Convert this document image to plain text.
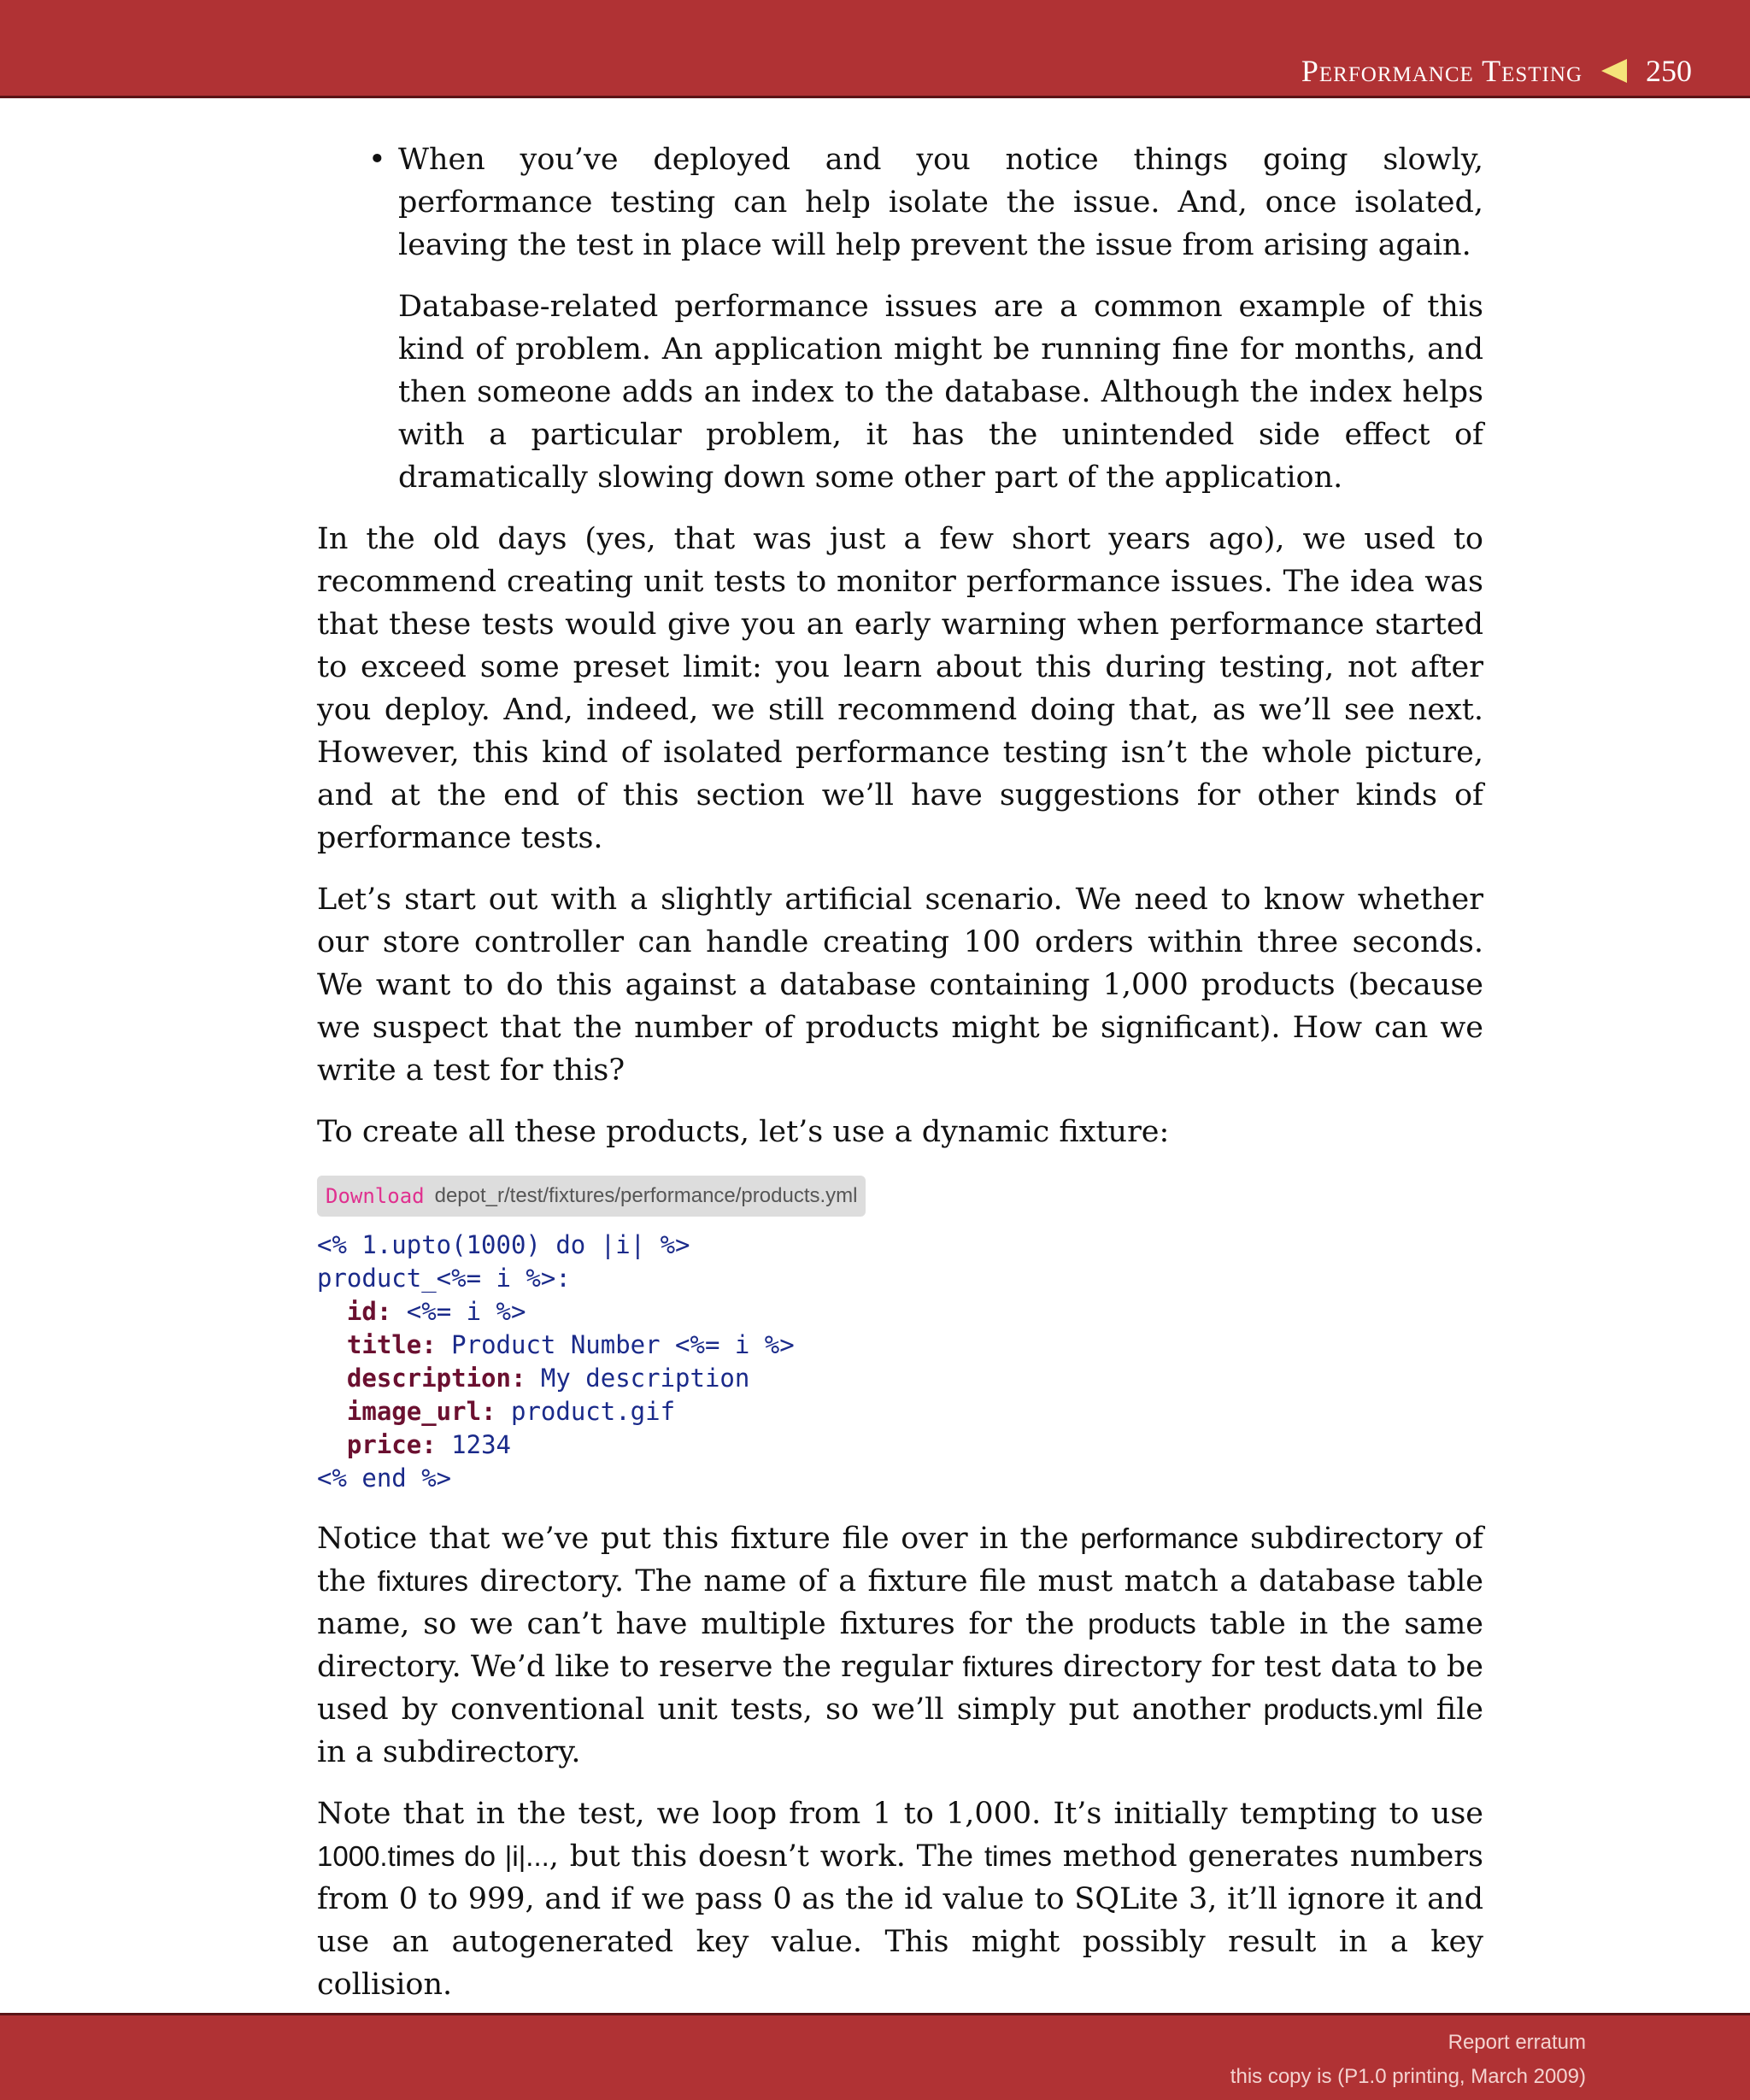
Performance Testing 250
• When you’ve deployed and you notice things going slowly, performance testing can help isolate the issue. And, once isolated, leaving the test in place will help prevent the issue from arising again.

Database-related performance issues are a common example of this kind of problem. An application might be running fine for months, and then someone adds an index to the database. Although the index helps with a particular problem, it has the unintended side effect of dramatically slowing down some other part of the application.

In the old days (yes, that was just a few short years ago), we used to recommend creating unit tests to monitor performance issues. The idea was that these tests would give you an early warning when performance started to exceed some preset limit: you learn about this during testing, not after you deploy. And, indeed, we still recommend doing that, as we’ll see next. However, this kind of isolated performance testing isn’t the whole picture, and at the end of this section we’ll have suggestions for other kinds of performance tests.

Let’s start out with a slightly artificial scenario. We need to know whether our store controller can handle creating 100 orders within three seconds. We want to do this against a database containing 1,000 products (because we suspect that the number of products might be significant). How can we write a test for this?

To create all these products, let’s use a dynamic fixture:

Download depot_r/test/fixtures/performance/products.yml
<% 1.upto(1000) do |i| %>
product_<%= i %>:
id: <%= i %>
title: Product Number <%= i %>
description: My description
image_url: product.gif
price: 1234
<% end %>

Notice that we’ve put this fixture file over in the performance subdirectory of the fixtures directory. The name of a fixture file must match a database table name, so we can’t have multiple fixtures for the products table in the same directory. We’d like to reserve the regular fixtures directory for test data to be used by conventional unit tests, so we’ll simply put another products.yml file in a subdirectory.

Note that in the test, we loop from 1 to 1,000. It’s initially tempting to use 1000.times do |i|..., but this doesn’t work. The times method generates numbers from 0 to 999, and if we pass 0 as the id value to SQLite 3, it’ll ignore it and use an autogenerated key value. This might possibly result in a key collision.

Report erratum
this copy is (P1.0 printing, March 2009)
